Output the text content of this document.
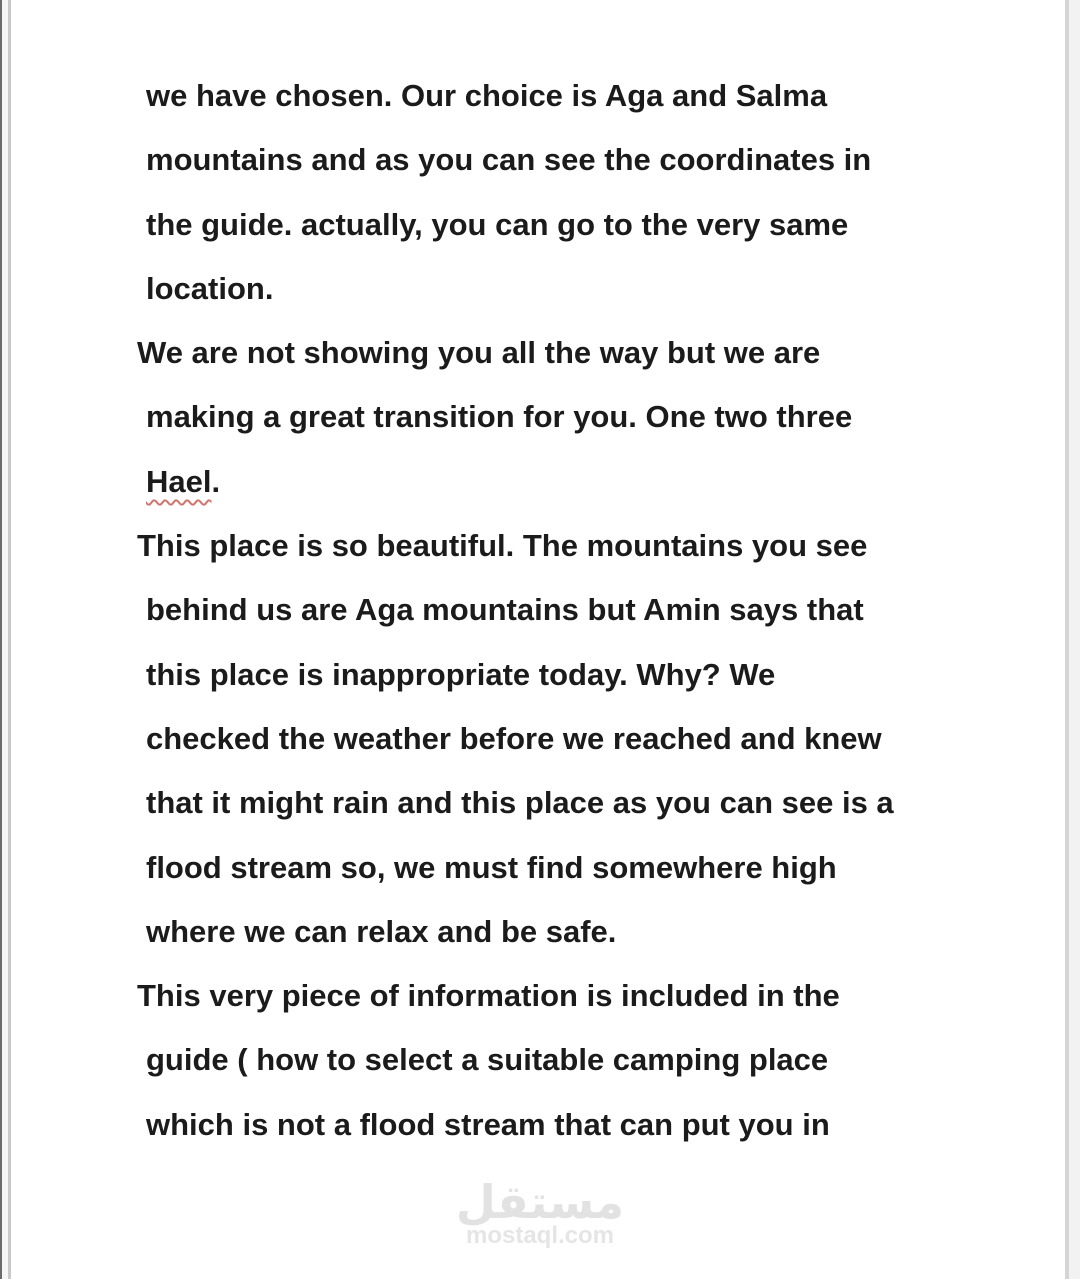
we have chosen. Our choice is Aga and Salma
mountains and as you can see the coordinates in
the guide. actually, you can go to the very same
location.
We are not showing you all the way but we are
making a great transition for you. One two three
Hael.
This place is so beautiful. The mountains you see
behind us are Aga mountains but Amin says that
this place is inappropriate today. Why? We
checked the weather before we reached and knew
that it might rain and this place as you can see is a
flood stream so, we must find somewhere high
where we can relax and be safe.
This very piece of information is included in the
guide ( how to select a suitable camping place
which is not a flood stream that can put you in
مستقل
mostaql.com
